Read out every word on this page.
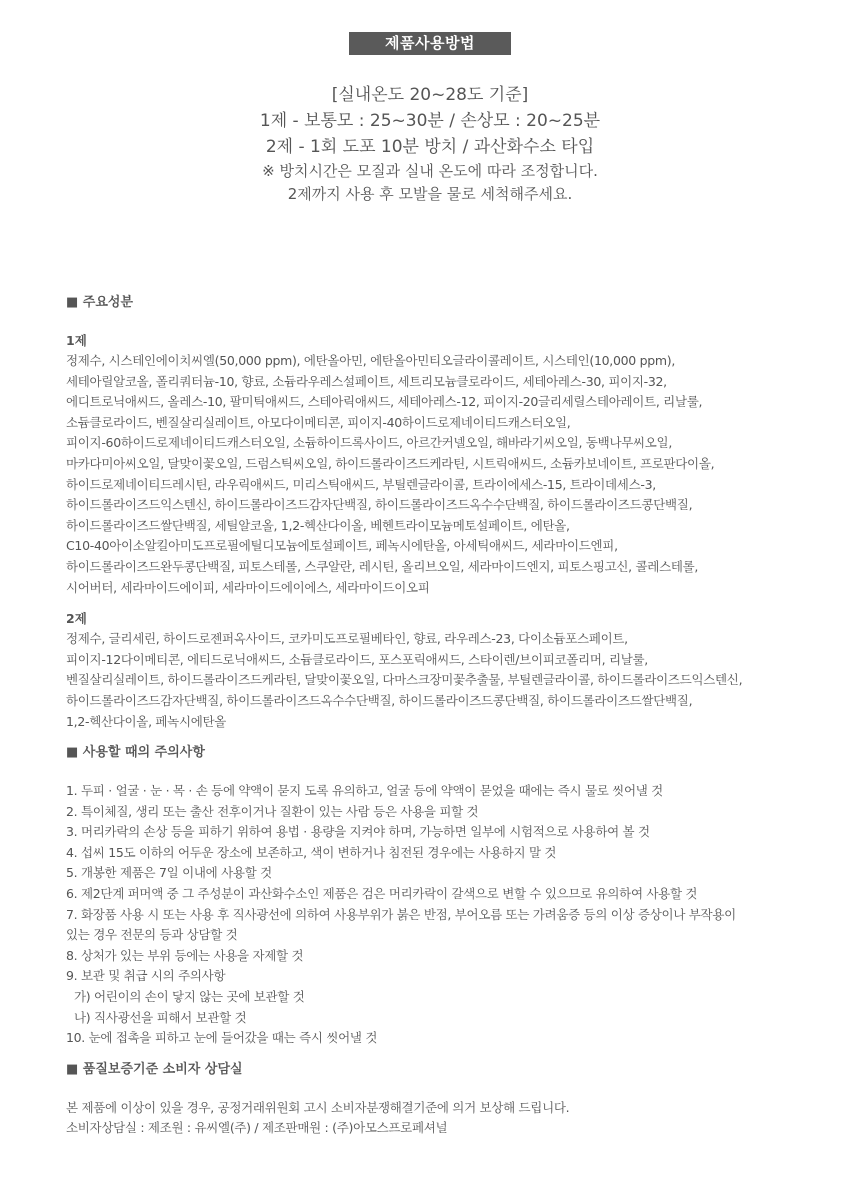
제품사용방법
[실내온도 20~28도 기준]
1제 - 보통모 : 25~30분 / 손상모 : 20~25분
2제 - 1회 도포 10분 방치 / 과산화수소 타입
※ 방치시간은 모질과 실내 온도에 따라 조정합니다.
2제까지 사용 후 모발을 물로 세척해주세요.
■ 주요성분
1제
정제수, 시스테인에이치씨엘(50,000 ppm), 에탄올아민, 에탄올아민티오글라이콜레이트, 시스테인(10,000 ppm),
세테아릴알코올, 폴리쿼터늄-10, 향료, 소듐라우레스설페이트, 세트리모늄클로라이드, 세테아레스-30, 피이지-32,
에디트로닉애씨드, 올레스-10, 팔미틱애씨드, 스테아릭애씨드, 세테아레스-12, 피이지-20글리세릴스테아레이트, 리날룰,
소듐클로라이드, 벤질살리실레이트, 아모다이메티콘, 피이지-40하이드로제네이티드캐스터오일,
피이지-60하이드로제네이티드캐스터오일, 소듐하이드록사이드, 아르간커넬오일, 해바라기씨오일, 동백나무씨오일,
마카다미아씨오일, 달맞이꽃오일, 드럼스틱씨오일, 하이드롤라이즈드케라틴, 시트릭애씨드, 소듐카보네이트, 프로판다이올,
하이드로제네이티드레시틴, 라우릭애씨드, 미리스틱애씨드, 부틸렌글라이콜, 트라이에세스-15, 트라이데세스-3,
하이드롤라이즈드익스텐신, 하이드롤라이즈드감자단백질, 하이드롤라이즈드옥수수단백질, 하이드롤라이즈드콩단백질,
하이드롤라이즈드쌀단백질, 세틸알코올, 1,2-헥산다이올, 베헨트라이모늄메토설페이트, 에탄올,
C10-40아이소알킬아미도프로필에틸디모늄에토설페이트, 페녹시에탄올, 아세틱애씨드, 세라마이드엔피,
하이드롤라이즈드완두콩단백질, 피토스테롤, 스쿠알란, 레시틴, 올리브오일, 세라마이드엔지, 피토스핑고신, 콜레스테롤,
시어버터, 세라마이드에이피, 세라마이드에이에스, 세라마이드이오피
2제
정제수, 글리세린, 하이드로젠퍼옥사이드, 코카미도프로필베타인, 향료, 라우레스-23, 다이소듐포스페이트,
피이지-12다이메티콘, 에티드로닉애씨드, 소듐클로라이드, 포스포릭애씨드, 스타이렌/브이피코폴리머, 리날룰,
벤질살리실레이트, 하이드롤라이즈드케라틴, 달맞이꽃오일, 다마스크장미꽃추출물, 부틸렌글라이콜, 하이드롤라이즈드익스텐신,
하이드롤라이즈드감자단백질, 하이드롤라이즈드옥수수단백질, 하이드롤라이즈드콩단백질, 하이드롤라이즈드쌀단백질,
1,2-헥산다이올, 페녹시에탄올
■ 사용할 때의 주의사항
1. 두피 · 얼굴 · 눈 · 목 · 손 등에 약액이 묻지 도록 유의하고, 얼굴 등에 약액이 묻었을 때에는 즉시 물로 씻어낼 것
2. 특이체질, 생리 또는 출산 전후이거나 질환이 있는 사람 등은 사용을 피할 것
3. 머리카락의 손상 등을 피하기 위하여 용법 · 용량을 지켜야 하며, 가능하면 일부에 시험적으로 사용하여 볼 것
4. 섭씨 15도 이하의 어두운 장소에 보존하고, 색이 변하거나 침전된 경우에는 사용하지 말 것
5. 개봉한 제품은 7일 이내에 사용할 것
6. 제2단계 퍼머액 중 그 주성분이 과산화수소인 제품은 검은 머리카락이 갈색으로 변할 수 있으므로 유의하여 사용할 것
7. 화장품 사용 시 또는 사용 후 직사광선에 의하여 사용부위가 붉은 반점, 부어오름 또는 가려움증 등의 이상 증상이나 부작용이
있는 경우 전문의 등과 상담할 것
8. 상처가 있는 부위 등에는 사용을 자제할 것
9. 보관 및 취급 시의 주의사항
가) 어린이의 손이 닿지 않는 곳에 보관할 것
나) 직사광선을 피해서 보관할 것
10. 눈에 접촉을 피하고 눈에 들어갔을 때는 즉시 씻어낼 것
■ 품질보증기준 소비자 상담실
본 제품에 이상이 있을 경우, 공정거래위원회 고시 소비자분쟁해결기준에 의거 보상해 드립니다.
소비자상담실 : 제조원 : 유씨엘(주) / 제조판매원 : (주)아모스프로페셔널
